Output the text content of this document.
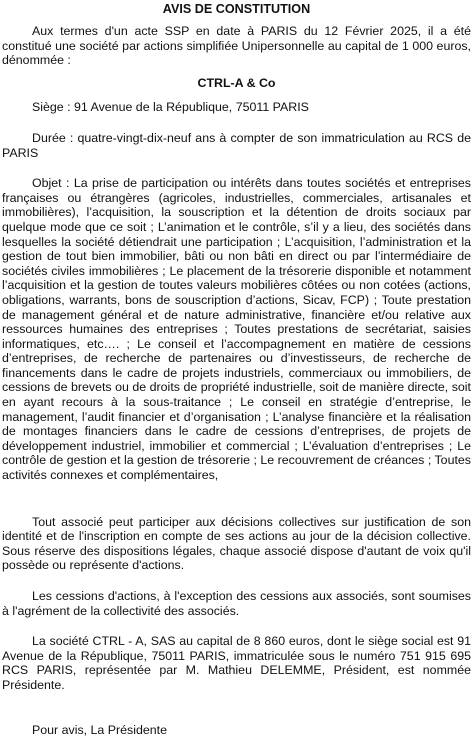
AVIS DE CONSTITUTION

Aux termes d'un acte SSP en date à PARIS du 12 Février 2025, il a été constitué une société par actions simplifiée Unipersonnelle au capital de 1 000 euros, dénommée :

CTRL-A & Co

Siège : 91 Avenue de la République, 75011 PARIS

Durée : quatre-vingt-dix-neuf ans à compter de son immatriculation au RCS de PARIS

Objet : La prise de participation ou intérêts dans toutes sociétés et entreprises françaises ou étrangères (agricoles, industrielles, commerciales, artisanales et immobilières), l’acquisition, la souscription et la détention de droits sociaux par quelque mode que ce soit ; L’animation et le contrôle, s’il y a lieu, des sociétés dans lesquelles la société détiendrait une participation ; L’acquisition, l’administration et la gestion de tout bien immobilier, bâti ou non bâti en direct ou par l’intermédiaire de sociétés civiles immobilières ; Le placement de la trésorerie disponible et notamment l’acquisition et la gestion de toutes valeurs mobilières côtées ou non cotées (actions, obligations, warrants, bons de souscription d’actions, Sicav, FCP) ; Toute prestation de management général et de nature administrative, financière et/ou relative aux ressources humaines des entreprises ; Toutes prestations de secrétariat, saisies informatiques, etc…. ; Le conseil et l’accompagnement en matière de cessions d’entreprises, de recherche de partenaires ou d’investisseurs, de recherche de financements dans le cadre de projets industriels, commerciaux ou immobiliers, de cessions de brevets ou de droits de propriété industrielle, soit de manière directe, soit en ayant recours à la sous-traitance ; Le conseil en stratégie d’entreprise, le management, l’audit financier et d’organisation ; L’analyse financière et la réalisation de montages financiers dans le cadre de cessions d’entreprises, de projets de développement industriel, immobilier et commercial ; L’évaluation d’entreprises ; Le contrôle de gestion et la gestion de trésorerie ; Le recouvrement de créances ; Toutes activités connexes et complémentaires,

Tout associé peut participer aux décisions collectives sur justification de son identité et de l'inscription en compte de ses actions au jour de la décision collective. Sous réserve des dispositions légales, chaque associé dispose d'autant de voix qu'il possède ou représente d'actions.

Les cessions d'actions, à l'exception des cessions aux associés, sont soumises à l'agrément de la collectivité des associés.

La société CTRL - A, SAS au capital de 8 860 euros, dont le siège social est 91 Avenue de la République, 75011 PARIS, immatriculée sous le numéro 751 915 695 RCS PARIS, représentée par M. Mathieu DELEMME, Président, est nommée Présidente.

Pour avis, La Présidente
